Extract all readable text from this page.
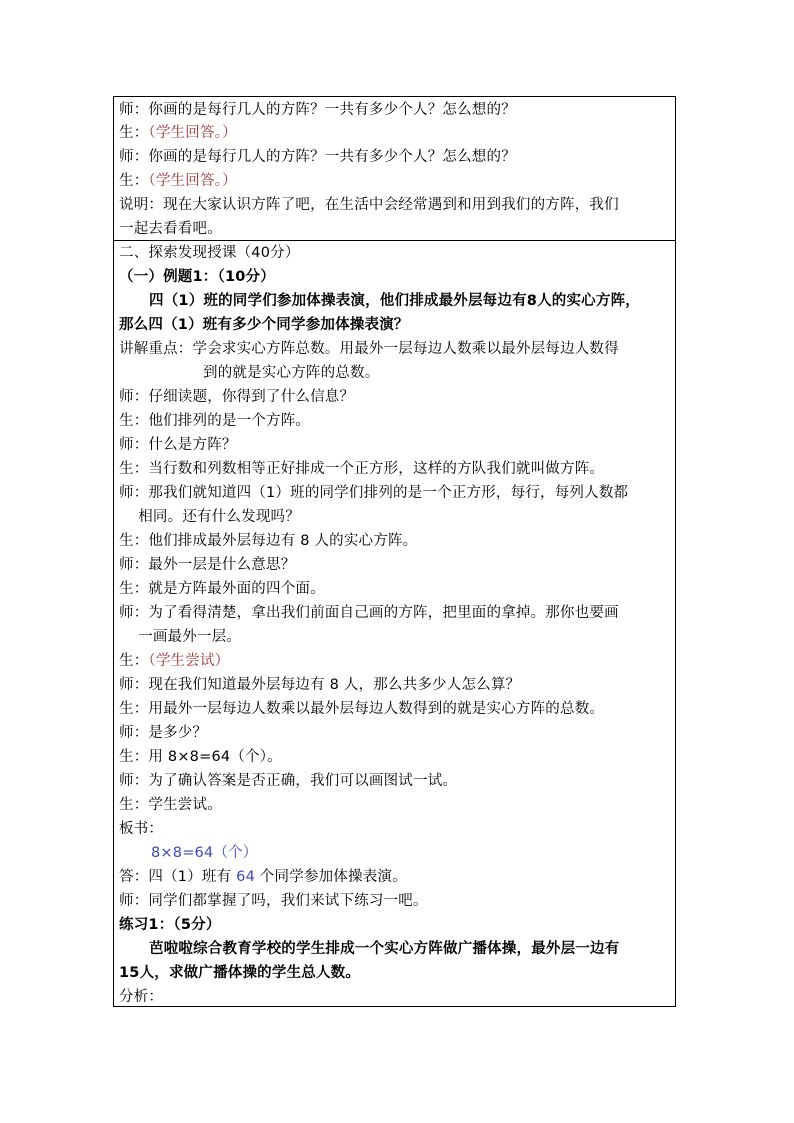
师：你画的是每行几人的方阵？一共有多少个人？怎么想的？
生：（学生回答。）
师：你画的是每行几人的方阵？一共有多少个人？怎么想的？
生：（学生回答。）
说明：现在大家认识方阵了吧，在生活中会经常遇到和用到我们的方阵，我们
一起去看看吧。
二、探索发现授课（40分）
（一）例题1：（10分）
四（1）班的同学们参加体操表演，他们排成最外层每边有8人的实心方阵，
那么四（1）班有多少个同学参加体操表演？
讲解重点：学会求实心方阵总数。用最外一层每边人数乘以最外层每边人数得
到的就是实心方阵的总数。
师：仔细读题，你得到了什么信息？
生：他们排列的是一个方阵。
师：什么是方阵？
生：当行数和列数相等正好排成一个正方形，这样的方队我们就叫做方阵。
师：那我们就知道四（1）班的同学们排列的是一个正方形，每行，每列人数都
相同。还有什么发现吗？
生：他们排成最外层每边有 8 人的实心方阵。
师：最外一层是什么意思？
生：就是方阵最外面的四个面。
师：为了看得清楚，拿出我们前面自己画的方阵，把里面的拿掉。那你也要画
一画最外一层。
生：（学生尝试）
师：现在我们知道最外层每边有 8 人，那么共多少人怎么算？
生：用最外一层每边人数乘以最外层每边人数得到的就是实心方阵的总数。
师：是多少？
生：用 8×8=64（个）。
师：为了确认答案是否正确，我们可以画图试一试。
生：学生尝试。
板书：
8×8=64（个）
答：四（1）班有 64 个同学参加体操表演。
师：同学们都掌握了吗，我们来试下练习一吧。
练习1：（5分）
芭啦啦综合教育学校的学生排成一个实心方阵做广播体操，最外层一边有
15人，求做广播体操的学生总人数。
分析：
